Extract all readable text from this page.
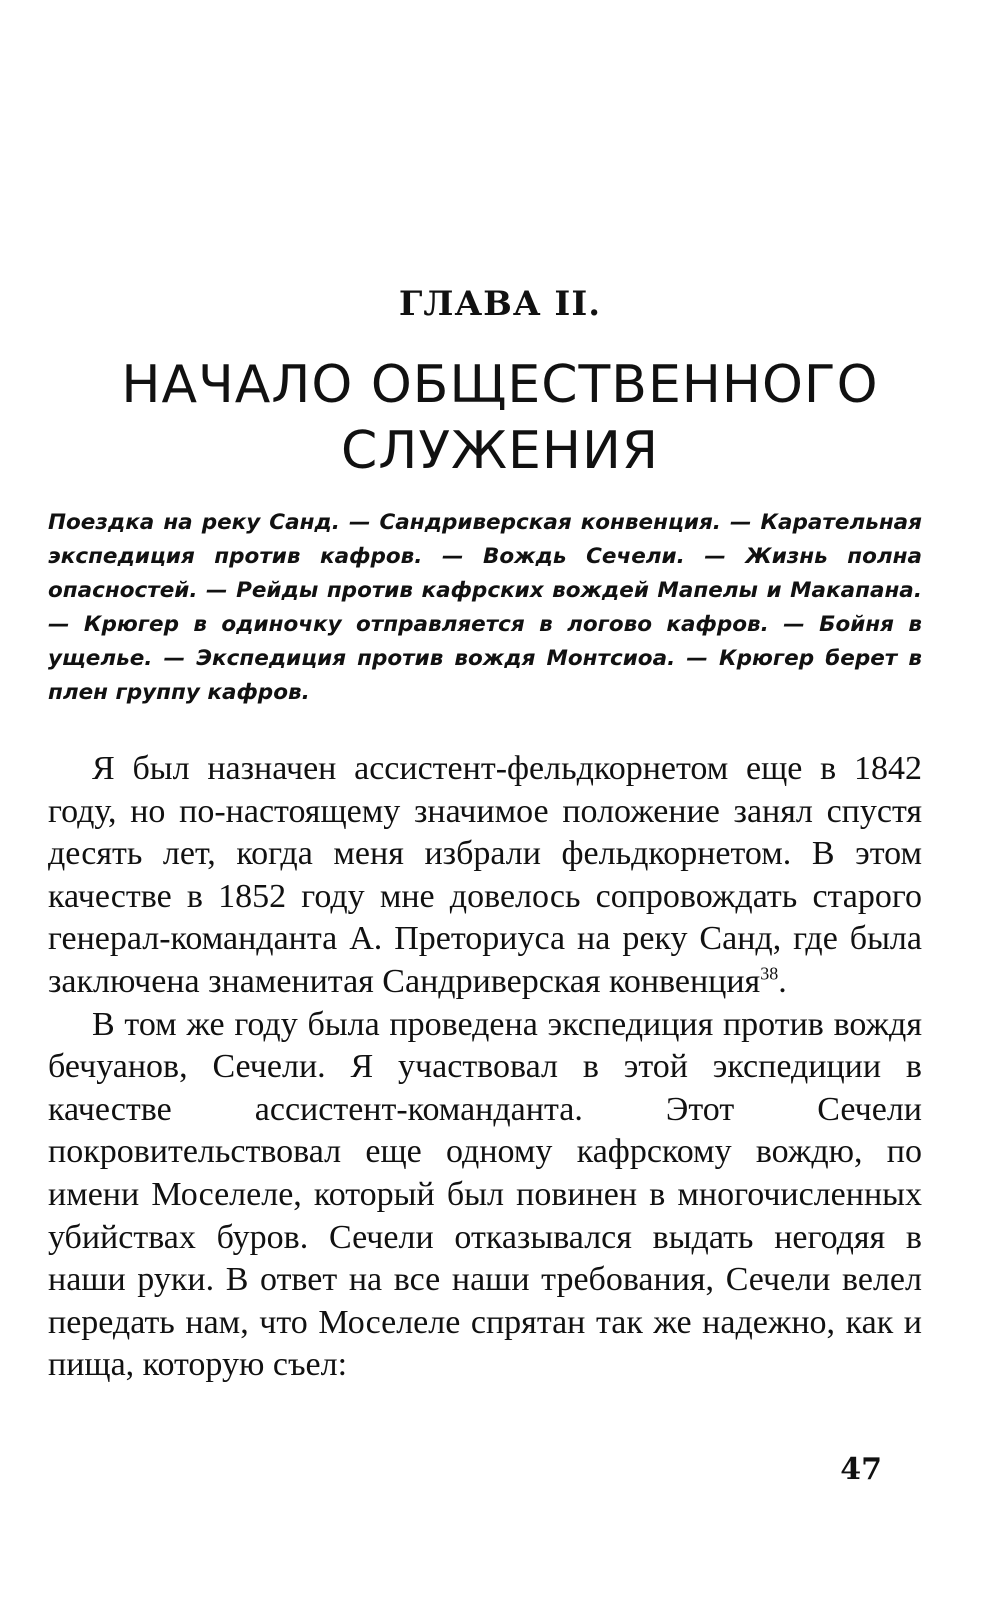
ГЛАВА II.
НАЧАЛО ОБЩЕСТВЕННОГО
СЛУЖЕНИЯ
Поездка на реку Санд. — Сандриверская конвенция. — Карательная экспедиция против кафров. — Вождь Сечели. — Жизнь полна опасностей. — Рейды против кафрских вождей Мапелы и Макапана. — Крюгер в одиночку отправляется в логово кафров. — Бойня в ущелье. — Экспедиция против вождя Монтсиоа. — Крюгер берет в плен группу кафров.

Я был назначен ассистент-фельдкорнетом еще в 1842 году, но по-настоящему значимое положение занял спустя десять лет, когда меня избрали фельдкорнетом. В этом качестве в 1852 году мне довелось сопровождать старого генерал-команданта А. Преториуса на реку Санд, где была заключена знаменитая Сандриверская конвенция$^{38}$.

В том же году была проведена экспедиция против вождя бечуанов, Сечели. Я участвовал в этой экспедиции в качестве ассистент-команданта. Этот Сечели покровительствовал еще одному кафрскому вождю, по имени Моселеле, который был повинен в многочисленных убийствах буров. Сечели отказывался выдать негодяя в наши руки. В ответ на все наши требования, Сечели велел передать нам, что Моселеле спрятан так же надежно, как и пища, которую съел:

47
